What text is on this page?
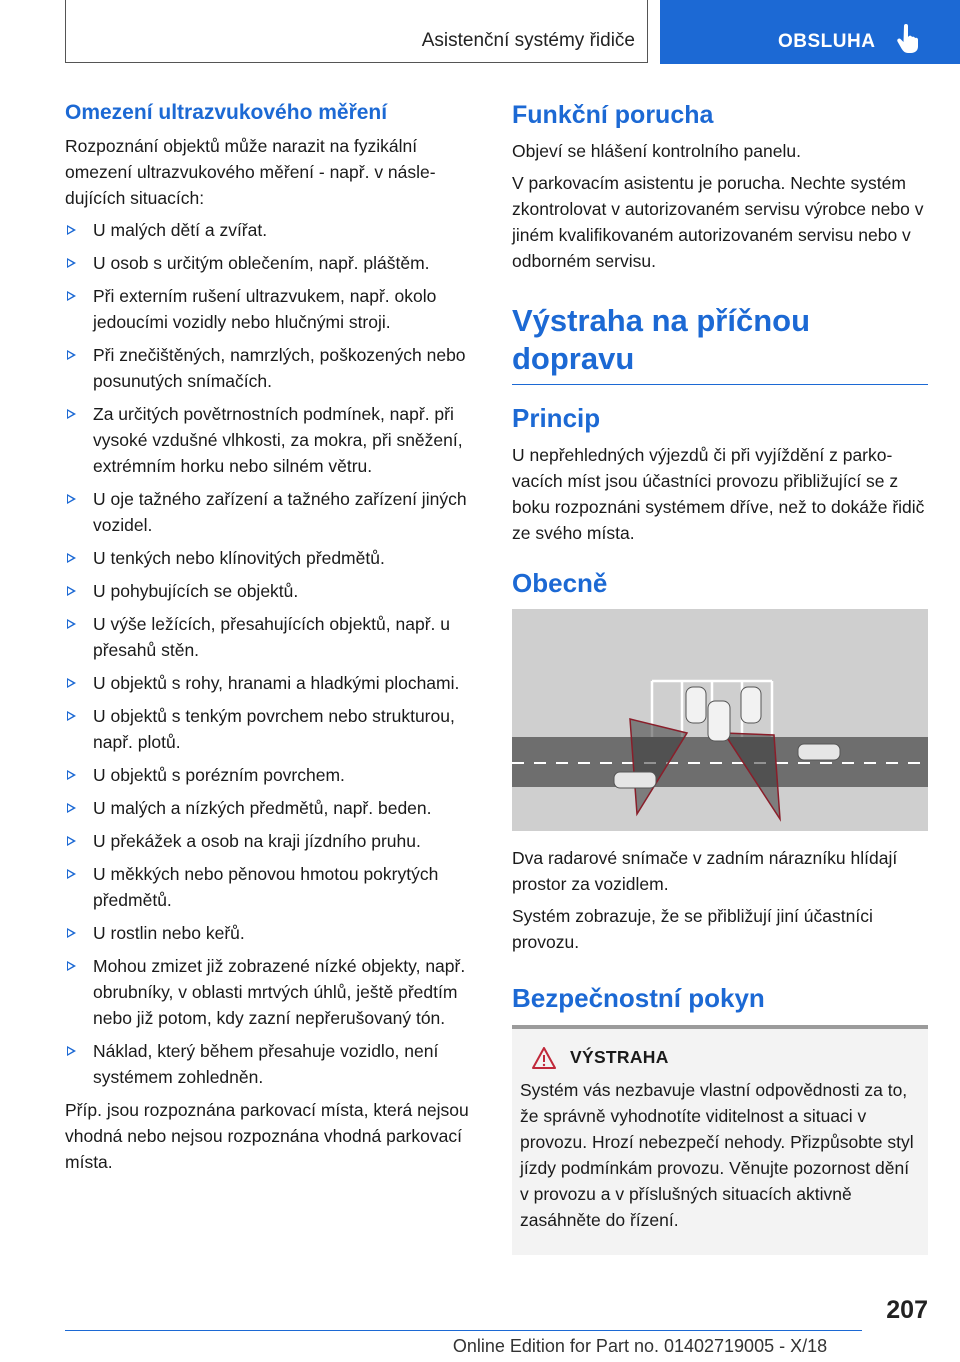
Asistenční systémy řidiče	OBSLUHA
Omezení ultrazvukového měření

Rozpoznání objektů může narazit na fyzikální omezení ultrazvukového měření - např. v následujících situacích:

U malých dětí a zvířat.
U osob s určitým oblečením, např. pláštěm.
Při externím rušení ultrazvukem, např. okolo jedoucími vozidly nebo hlučnými stroji.
Při znečištěných, namrzlých, poškozených nebo posunutých snímačích.
Za určitých povětrnostních podmínek, např. při vysoké vzdušné vlhkosti, za mokra, při sněžení, extrémním horku nebo silném větru.
U oje tažného zařízení a tažného zařízení jiných vozidel.
U tenkých nebo klínovitých předmětů.
U pohybujících se objektů.
U výše ležících, přesahujících objektů, např. u přesahů stěn.
U objektů s rohy, hranami a hladkými plochami.
U objektů s tenkým povrchem nebo strukturou, např. plotů.
U objektů s porézním povrchem.
U malých a nízkých předmětů, např. beden.
U překážek a osob na kraji jízdního pruhu.
U měkkých nebo pěnovou hmotou pokrytých předmětů.
U rostlin nebo keřů.
Mohou zmizet již zobrazené nízké objekty, např. obrubníky, v oblasti mrtvých úhlů, ještě předtím nebo již potom, kdy zazní nepřerušovaný tón.
Náklad, který během přesahuje vozidlo, není systémem zohledněn.

Příp. jsou rozpoznána parkovací místa, která nejsou vhodná nebo nejsou rozpoznána vhodná parkovací místa.

Funkční porucha

Objeví se hlášení kontrolního panelu.

V parkovacím asistentu je porucha. Nechte systém zkontrolovat v autorizovaném servisu výrobce nebo v jiném kvalifikovaném autorizovaném servisu nebo v odborném servisu.

Výstraha na příčnou
dopravu
Princip

U nepřehledných výjezdů či při vyjíždění z parkovacích míst jsou účastníci provozu přibližující se z boku rozpoznáni systémem dříve, než to dokáže řidič ze svého místa.

Obecně

Dva radarové snímače v zadním nárazníku hlídají prostor za vozidlem.

Systém zobrazuje, že se přibližují jiní účastníci provozu.

Bezpečnostní pokyn
VÝSTRAHA

Systém vás nezbavuje vlastní odpovědnosti za to, že správně vyhodnotíte viditelnost a situaci v provozu. Hrozí nebezpečí nehody. Přizpůsobte styl jízdy podmínkám provozu. Věnujte pozornost dění v provozu a v příslušných situacích aktivně zasáhněte do řízení.

207
Online Edition for Part no. 01402719005 - X/18
